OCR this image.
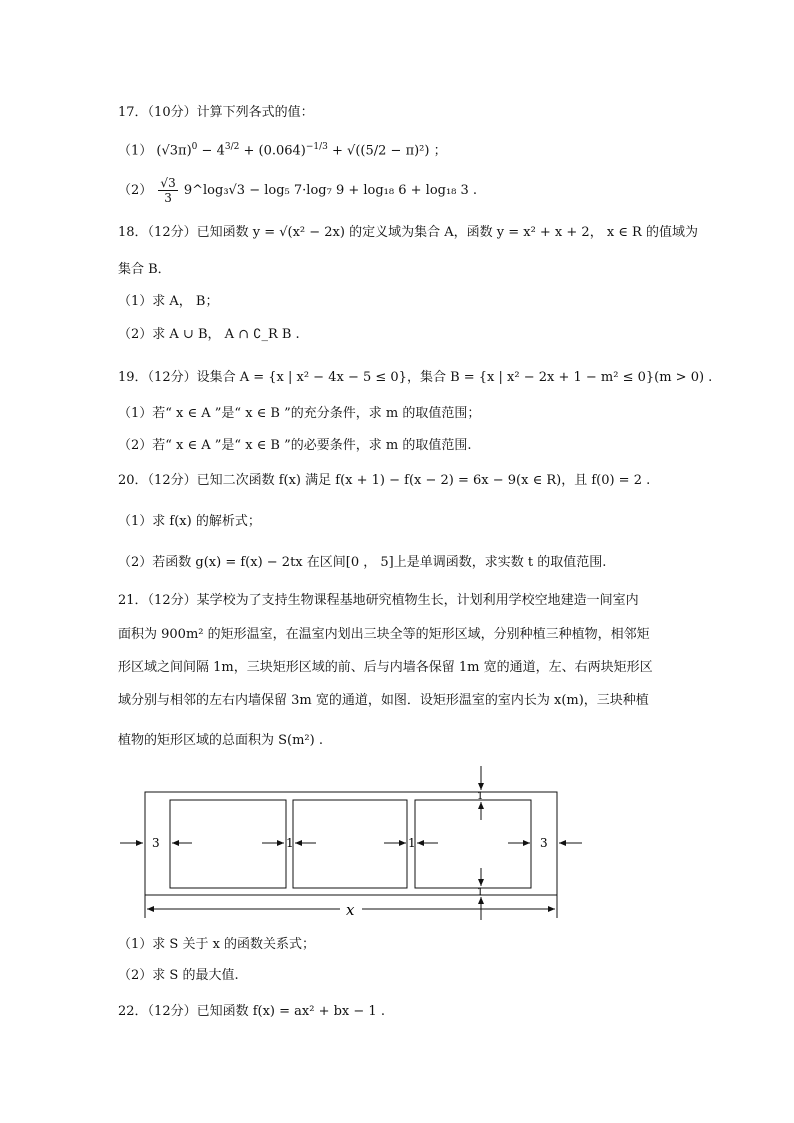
17．（10分）计算下列各式的值：
（1） $(√3\pi)^0 - 4^{3/2} + (0.064)^{-1/3} + √((5/2 - \pi)^2)$ ；
$(2) \frac{√3}{3}$ 9^log₃√3 − log₅ 7·log₇ 9 + log₁₈ 6 + log₁₈ 3 .
18．（12分）已知函数 y = √(x² − 2x) 的定义域为集合 A，函数 y = x² + x + 2， x ∈ R 的值域为
集合 B．
（1）求 A， B；
（2）求 A ∪ B， A ∩ ∁_R B .
19．（12分）设集合 A = {x | x² − 4x − 5 ≤ 0}，集合 B = {x | x² − 2x + 1 − m² ≤ 0}(m > 0) .
（1）若“ x ∈ A ”是“ x ∈ B ”的充分条件，求 m 的取值范围；
（2）若“ x ∈ A ”是“ x ∈ B ”的必要条件，求 m 的取值范围.
20．（12分）已知二次函数 f(x) 满足 f(x + 1) − f(x − 2) = 6x − 9(x ∈ R)，且 f(0) = 2 .
（1）求 f(x) 的解析式；
（2）若函数 g(x) = f(x) − 2tx 在区间[0 ， 5]上是单调函数，求实数 t 的取值范围.
21．（12分）某学校为了支持生物课程基地研究植物生长，计划利用学校空地建造一间室内
面积为 900m² 的矩形温室，在温室内划出三块全等的矩形区域，分别种植三种植物，相邻矩
形区域之间间隔 1m，三块矩形区域的前、后与内墙各保留 1m 宽的通道，左、右两块矩形区
域分别与相邻的左右内墙保留 3m 宽的通道，如图．设矩形温室的室内长为 x(m)，三块种植
植物的矩形区域的总面积为 S(m²) .
3	1	1	3
1
1
x
（1）求 S 关于 x 的函数关系式；
（2）求 S 的最大值.
22．（12分）已知函数 f(x) = ax² + bx − 1 .
